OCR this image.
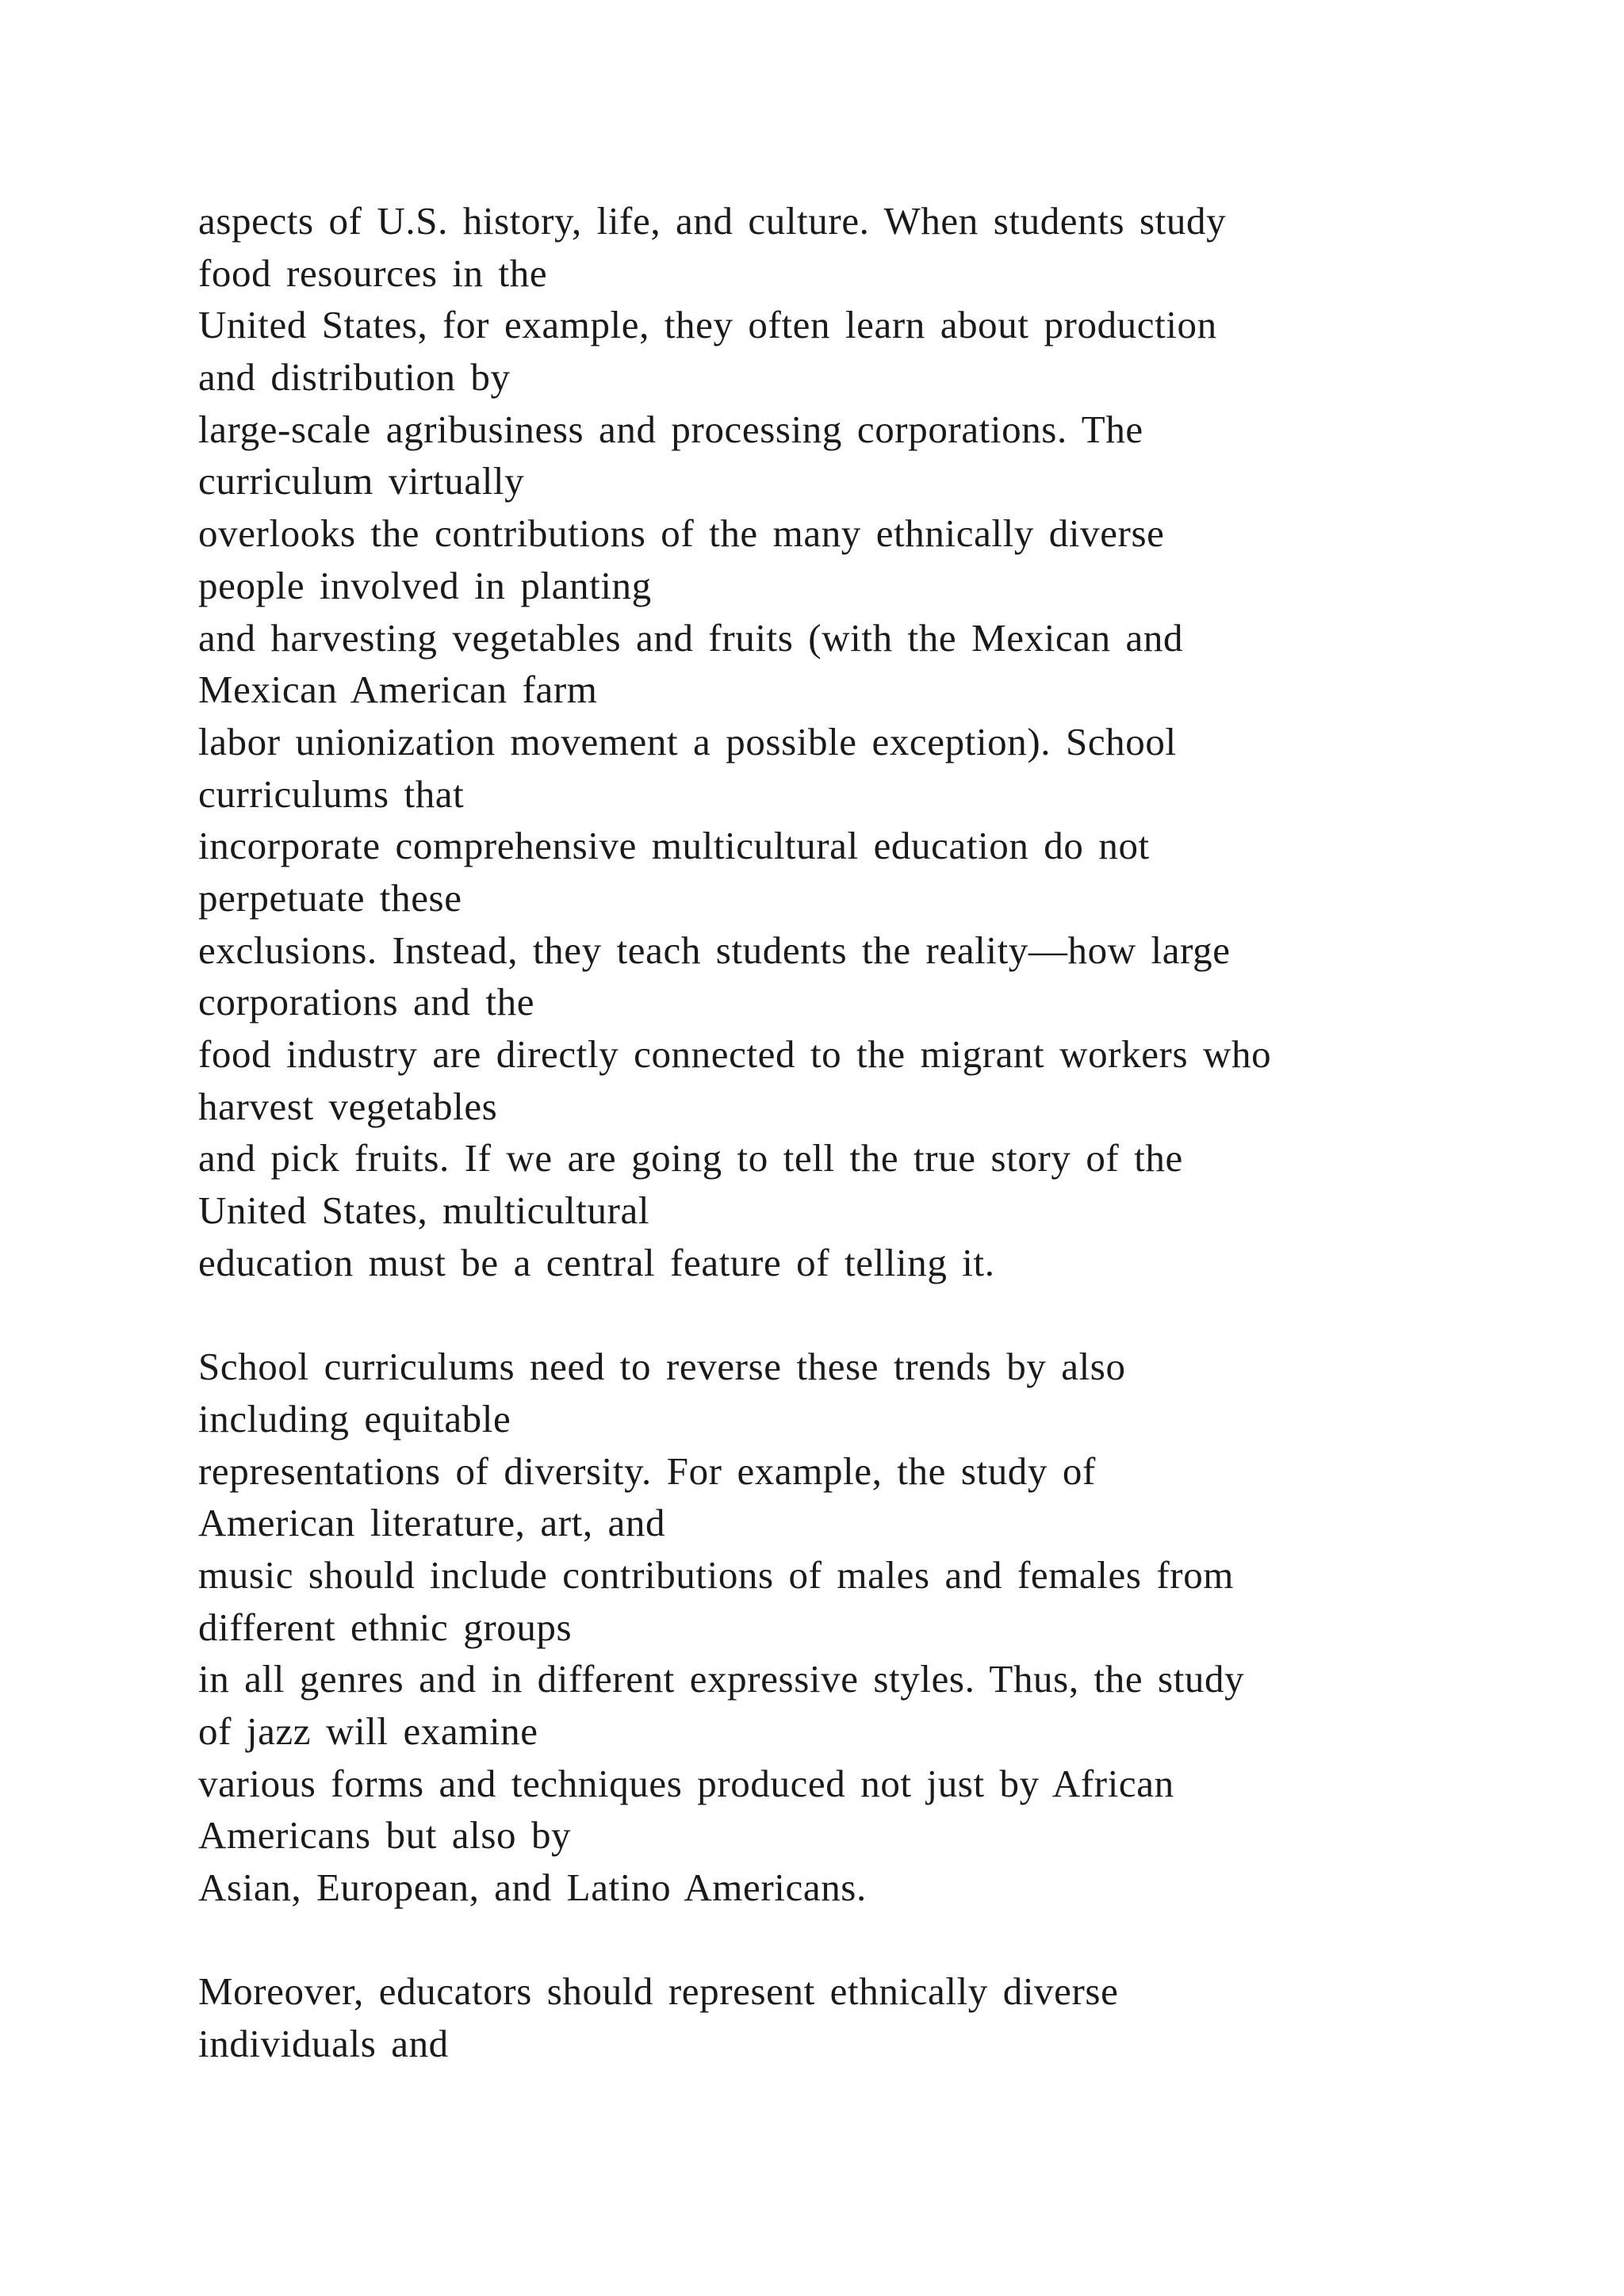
aspects of U.S. history, life, and culture. When students study
food resources in the
United States, for example, they often learn about production
and distribution by
large-scale agribusiness and processing corporations. The
curriculum virtually
overlooks the contributions of the many ethnically diverse
people involved in planting
and harvesting vegetables and fruits (with the Mexican and
Mexican American farm
labor unionization movement a possible exception). School
curriculums that
incorporate comprehensive multicultural education do not
perpetuate these
exclusions. Instead, they teach students the reality—how large
corporations and the
food industry are directly connected to the migrant workers who
harvest vegetables
and pick fruits. If we are going to tell the true story of the
United States, multicultural
education must be a central feature of telling it.
School curriculums need to reverse these trends by also
including equitable
representations of diversity. For example, the study of
American literature, art, and
music should include contributions of males and females from
different ethnic groups
in all genres and in different expressive styles. Thus, the study
of jazz will examine
various forms and techniques produced not just by African
Americans but also by
Asian, European, and Latino Americans.
Moreover, educators should represent ethnically diverse
individuals and
